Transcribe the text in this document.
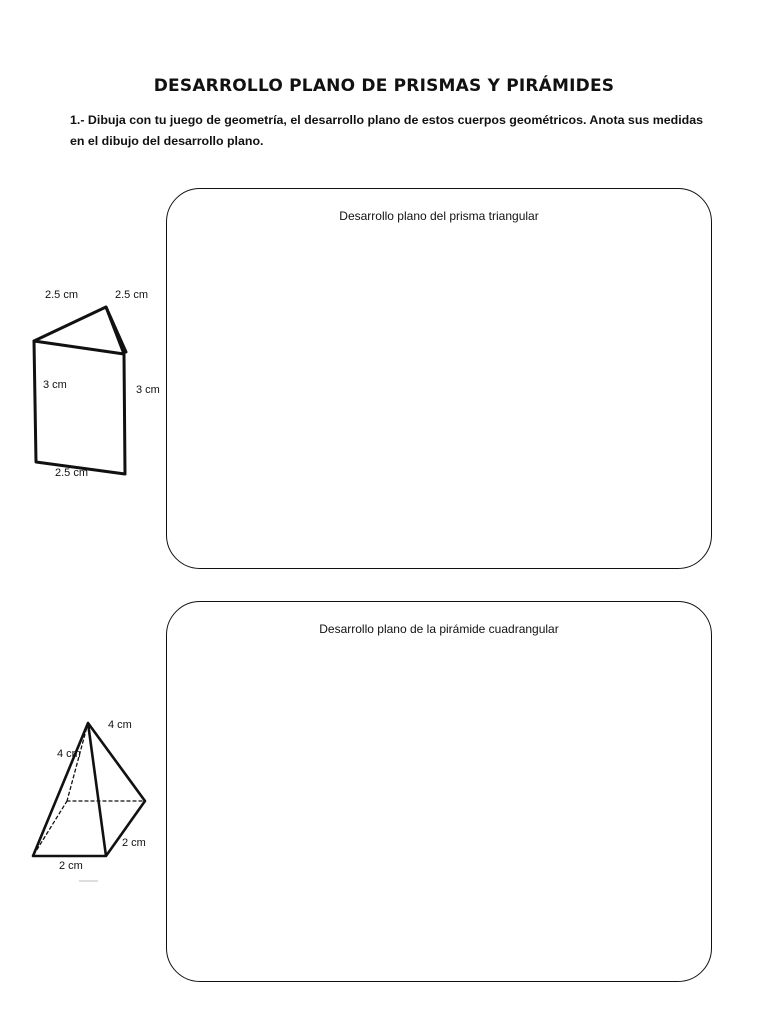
DESARROLLO PLANO DE PRISMAS Y PIRÁMIDES
1.- Dibuja con tu juego de geometría, el desarrollo plano de estos cuerpos geométricos. Anota sus medidas en el dibujo del desarrollo plano.
Desarrollo plano del prisma triangular
Desarrollo plano de la pirámide cuadrangular
2.5 cm	2.5 cm
3 cm	3 cm
2.5 cm
4 cm
4 cm
2 cm
2 cm
